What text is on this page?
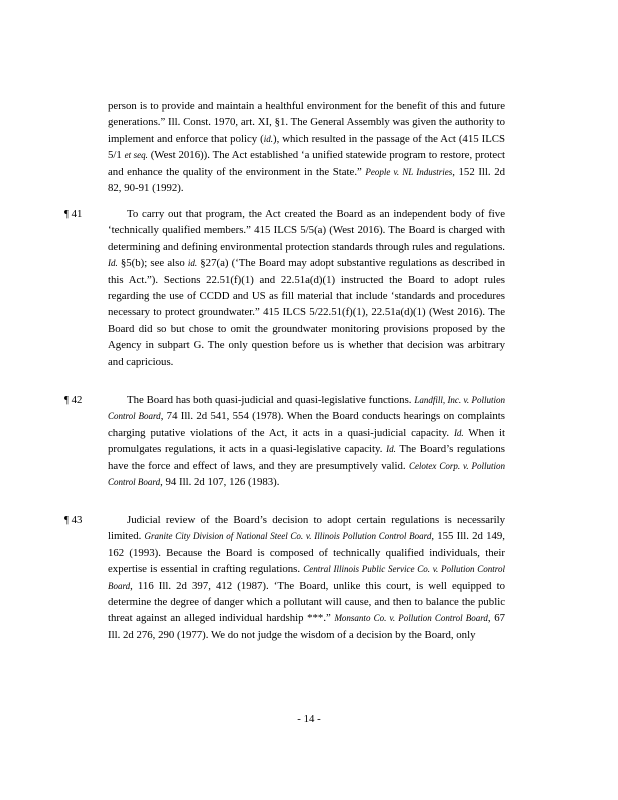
person is to provide and maintain a healthful environment for the benefit of this and future generations.” Ill. Const. 1970, art. XI, §1. The General Assembly was given the authority to implement and enforce that policy (id.), which resulted in the passage of the Act (415 ILCS 5/1 et seq. (West 2016)). The Act established ‘a unified statewide program to restore, protect and enhance the quality of the environment in the State.” People v. NL Industries, 152 Ill. 2d 82, 90-91 (1992).

¶ 41	To carry out that program, the Act created the Board as an independent body of five ‘technically qualified members.” 415 ILCS 5/5(a) (West 2016). The Board is charged with determining and defining environmental protection standards through rules and regulations. Id. §5(b); see also id. §27(a) (‘The Board may adopt substantive regulations as described in this Act.”). Sections 22.51(f)(1) and 22.51a(d)(1) instructed the Board to adopt rules regarding the use of CCDD and US as fill material that include ‘standards and procedures necessary to protect groundwater.” 415 ILCS 5/22.51(f)(1), 22.51a(d)(1) (West 2016). The Board did so but chose to omit the groundwater monitoring provisions proposed by the Agency in subpart G. The only question before us is whether that decision was arbitrary and capricious.

¶ 42	The Board has both quasi-judicial and quasi-legislative functions. Landfill, Inc. v. Pollution Control Board, 74 Ill. 2d 541, 554 (1978). When the Board conducts hearings on complaints charging putative violations of the Act, it acts in a quasi-judicial capacity. Id. When it promulgates regulations, it acts in a quasi-legislative capacity. Id. The Board’s regulations have the force and effect of laws, and they are presumptively valid. Celotex Corp. v. Pollution Control Board, 94 Ill. 2d 107, 126 (1983).

¶ 43	Judicial review of the Board’s decision to adopt certain regulations is necessarily limited. Granite City Division of National Steel Co. v. Illinois Pollution Control Board, 155 Ill. 2d 149, 162 (1993). Because the Board is composed of technically qualified individuals, their expertise is essential in crafting regulations. Central Illinois Public Service Co. v. Pollution Control Board, 116 Ill. 2d 397, 412 (1987). ‘The Board, unlike this court, is well equipped to determine the degree of danger which a pollutant will cause, and then to balance the public threat against an alleged individual hardship ***.” Monsanto Co. v. Pollution Control Board, 67 Ill. 2d 276, 290 (1977). We do not judge the wisdom of a decision by the Board, only

- 14 -
